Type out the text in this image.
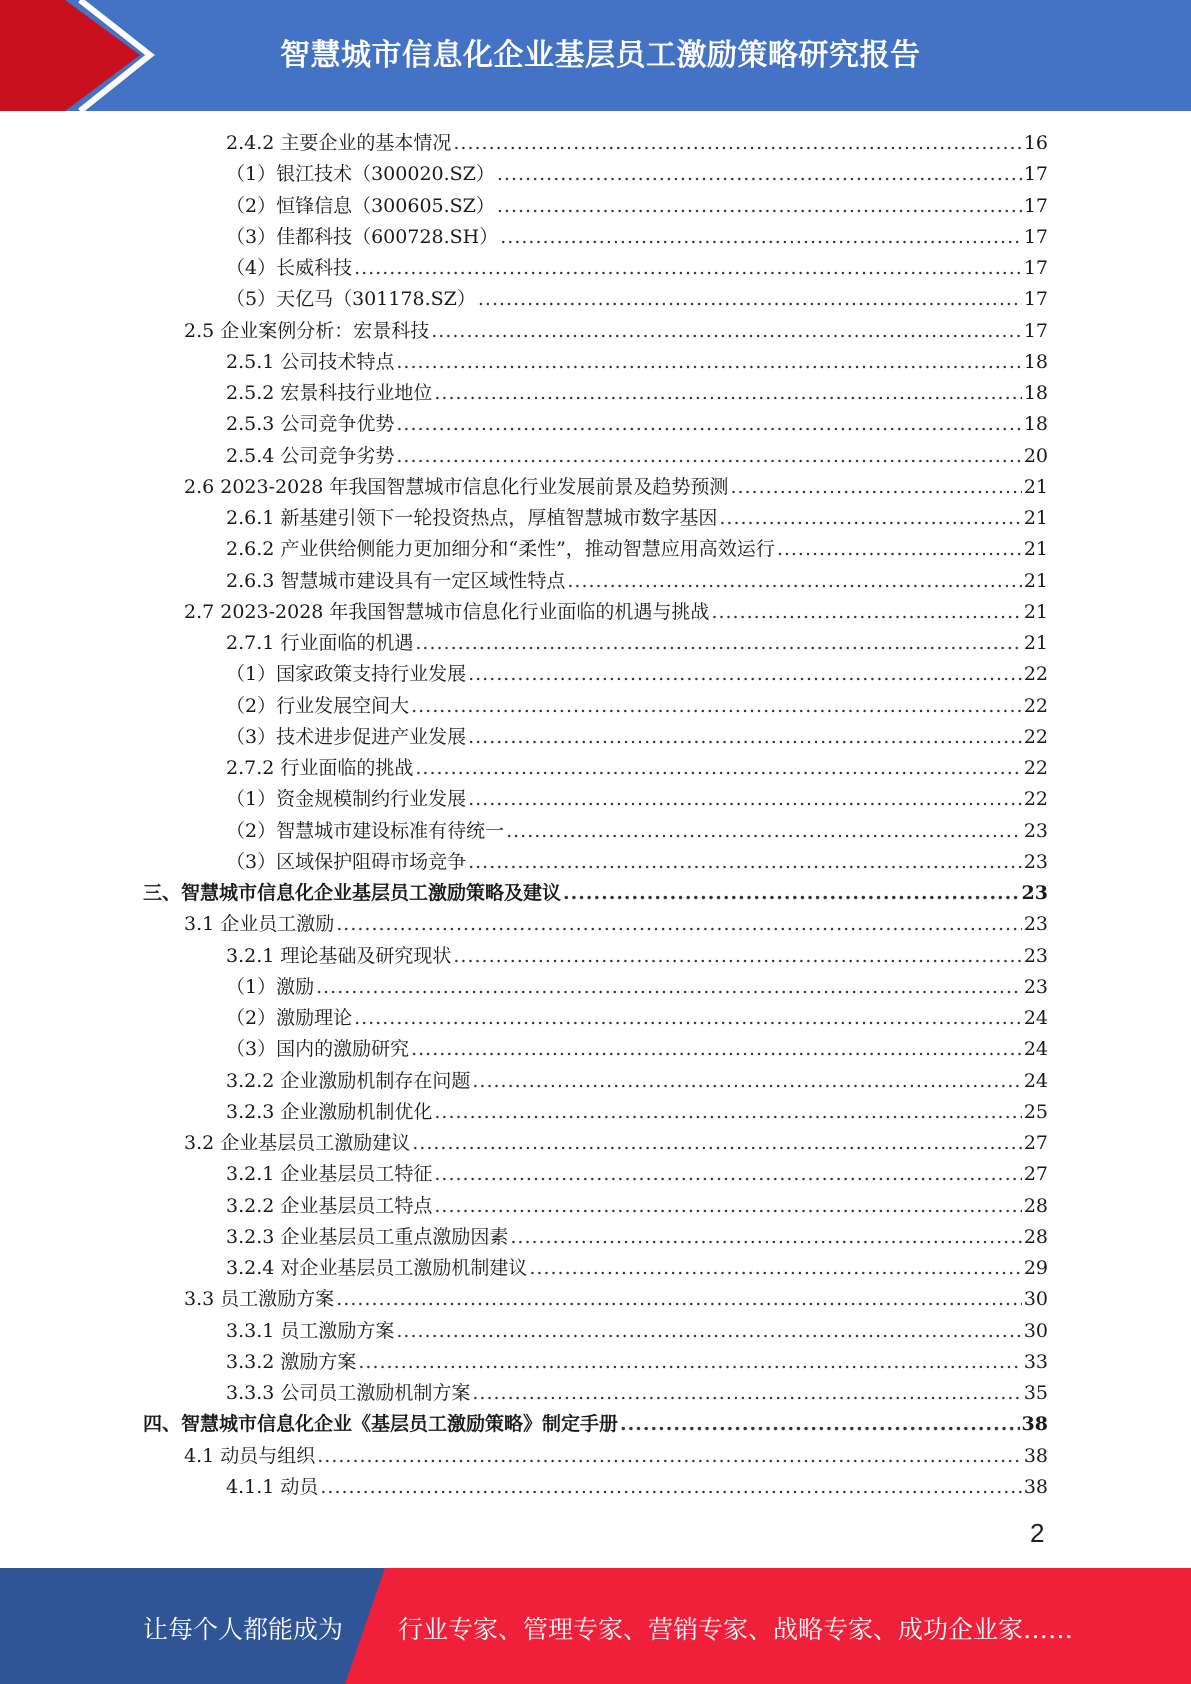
智慧城市信息化企业基层员工激励策略研究报告
2.4.2 主要企业的基本情况 .....	16
（1）银江技术（300020.SZ） .....	17
（2）恒锋信息（300605.SZ） .....	17
（3）佳都科技（600728.SH） .....	17
（4）长威科技 .....	17
（5）天亿马（301178.SZ） .....	17
2.5 企业案例分析：宏景科技 .....	17
2.5.1 公司技术特点 .....	18
2.5.2 宏景科技行业地位 .....	18
2.5.3 公司竞争优势 .....	18
2.5.4 公司竞争劣势 .....	20
2.6 2023-2028 年我国智慧城市信息化行业发展前景及趋势预测 .....	21
2.6.1 新基建引领下一轮投资热点，厚植智慧城市数字基因 .....	21
2.6.2 产业供给侧能力更加细分和“柔性”，推动智慧应用高效运行 .....	21
2.6.3 智慧城市建设具有一定区域性特点 .....	21
2.7 2023-2028 年我国智慧城市信息化行业面临的机遇与挑战 .....	21
2.7.1 行业面临的机遇 .....	21
（1）国家政策支持行业发展 .....	22
（2）行业发展空间大 .....	22
（3）技术进步促进产业发展 .....	22
2.7.2 行业面临的挑战 .....	22
（1）资金规模制约行业发展 .....	22
（2）智慧城市建设标准有待统一 .....	23
（3）区域保护阻碍市场竞争 .....	23
三、智慧城市信息化企业基层员工激励策略及建议 .....	23
3.1 企业员工激励 .....	23
3.2.1 理论基础及研究现状 .....	23
（1）激励 .....	23
（2）激励理论 .....	24
（3）国内的激励研究 .....	24
3.2.2 企业激励机制存在问题 .....	24
3.2.3 企业激励机制优化 .....	25
3.2 企业基层员工激励建议 .....	27
3.2.1 企业基层员工特征 .....	27
3.2.2 企业基层员工特点 .....	28
3.2.3 企业基层员工重点激励因素 .....	28
3.2.4 对企业基层员工激励机制建议 .....	29
3.3 员工激励方案 .....	30
3.3.1 员工激励方案 .....	30
3.3.2 激励方案 .....	33
3.3.3 公司员工激励机制方案 .....	35
四、智慧城市信息化企业《基层员工激励策略》制定手册 .....	38
4.1 动员与组织 .....	38
4.1.1 动员 .....	38
2
让每个人都能成为 行业专家、管理专家、营销专家、战略专家、成功企业家……
